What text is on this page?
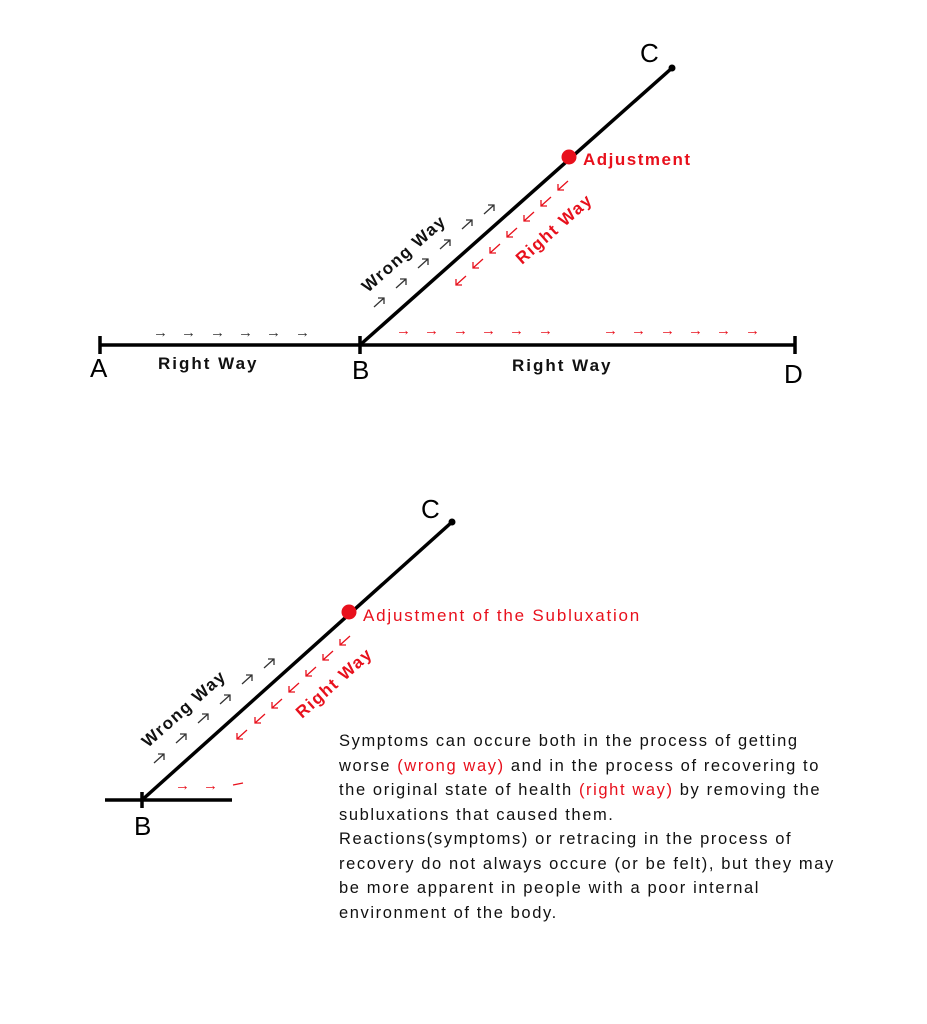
A	B
C
D
Right Way	Right Way
Adjustment
Wrong Way	Right Way
→ → → → → →	→ → → → → →	→ → → → → →
B
C
Adjustment of the Subluxation
Wrong Way	Right Way
→ →

Symptoms can occure both in the process of getting worse (wrong way) and in the process of recovering to the original state of health (right way) by removing the subluxations that caused them.

Reactions(symptoms) or retracing in the process of recovery do not always occure (or be felt), but they may be more apparent in people with a poor internal environment of the body.
